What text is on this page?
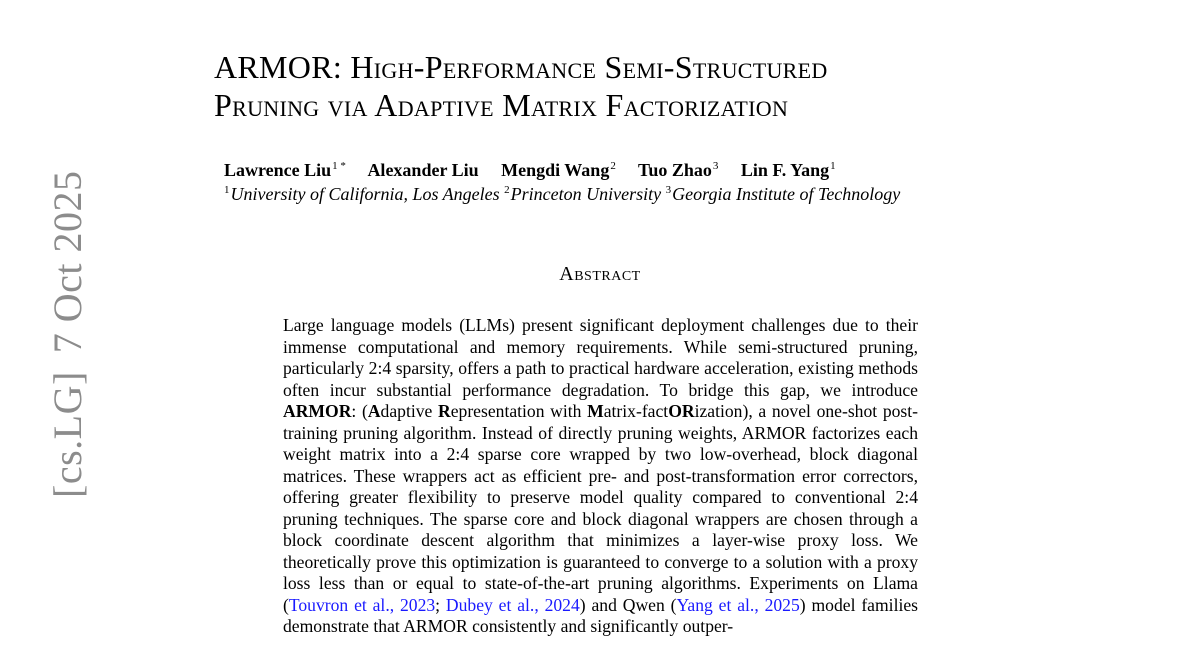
[cs.LG]7 Oct 2025
ARMOR: High-Performance Semi-Structured
Pruning via Adaptive Matrix Factorization
Lawrence Liu$^{1 *}$ Alexander Liu Mengdi Wang$^2$ Tuo Zhao$^3$ Lin F. Yang$^1$
$^1$University of California, Los Angeles $^2$Princeton University $^3$Georgia Institute of Technology
Abstract
Large language models (LLMs) present significant deployment challenges due to their immense computational and memory requirements. While semi-structured pruning, particularly 2:4 sparsity, offers a path to practical hardware acceleration, existing methods often incur substantial performance degradation. To bridge this gap, we introduce ARMOR: (Adaptive Representation with Matrix-factORization), a novel one-shot post-training pruning algorithm. Instead of directly pruning weights, ARMOR factorizes each weight matrix into a 2:4 sparse core wrapped by two low-overhead, block diagonal matrices. These wrappers act as efficient pre- and post-transformation error correctors, offering greater flexibility to preserve model quality compared to conventional 2:4 pruning techniques. The sparse core and block diagonal wrappers are chosen through a block coordinate descent algorithm that minimizes a layer-wise proxy loss. We theoretically prove this optimization is guaranteed to converge to a solution with a proxy loss less than or equal to state-of-the-art pruning algorithms. Experiments on Llama (Touvron et al., 2023; Dubey et al., 2024) and Qwen (Yang et al., 2025) model families demonstrate that ARMOR consistently and significantly outper-
